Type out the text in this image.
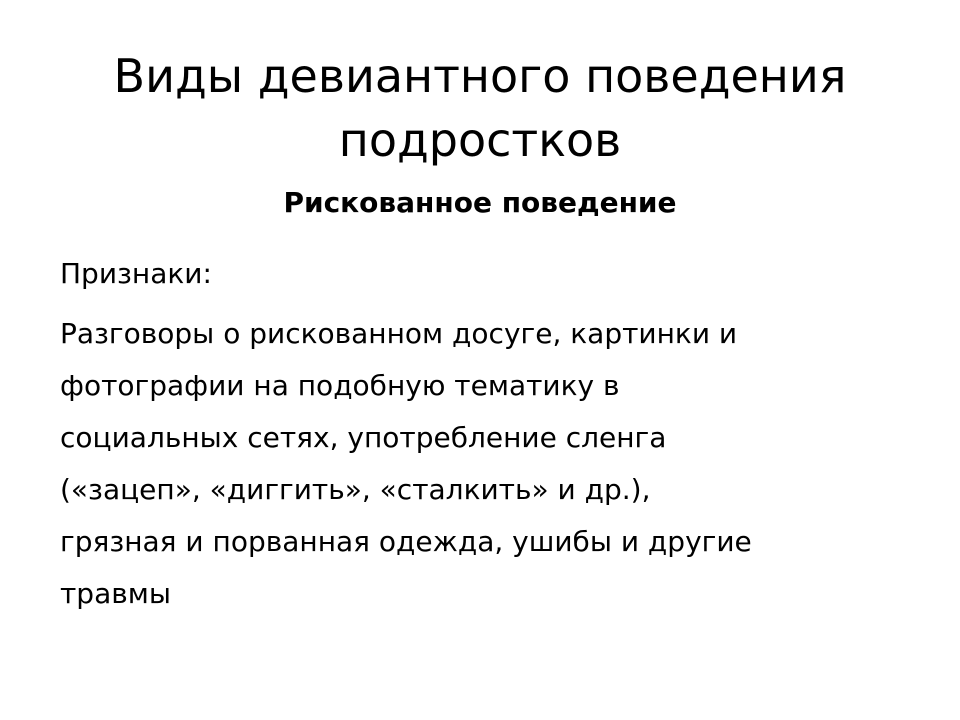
Виды девиантного поведения
подростков
Рискованное поведение

Признаки:

Разговоры о рискованном досуге, картинки и
фотографии на подобную тематику в
социальных сетях, употребление сленга
(«зацеп», «диггить», «сталкить» и др.),
грязная и порванная одежда, ушибы и другие
травмы
